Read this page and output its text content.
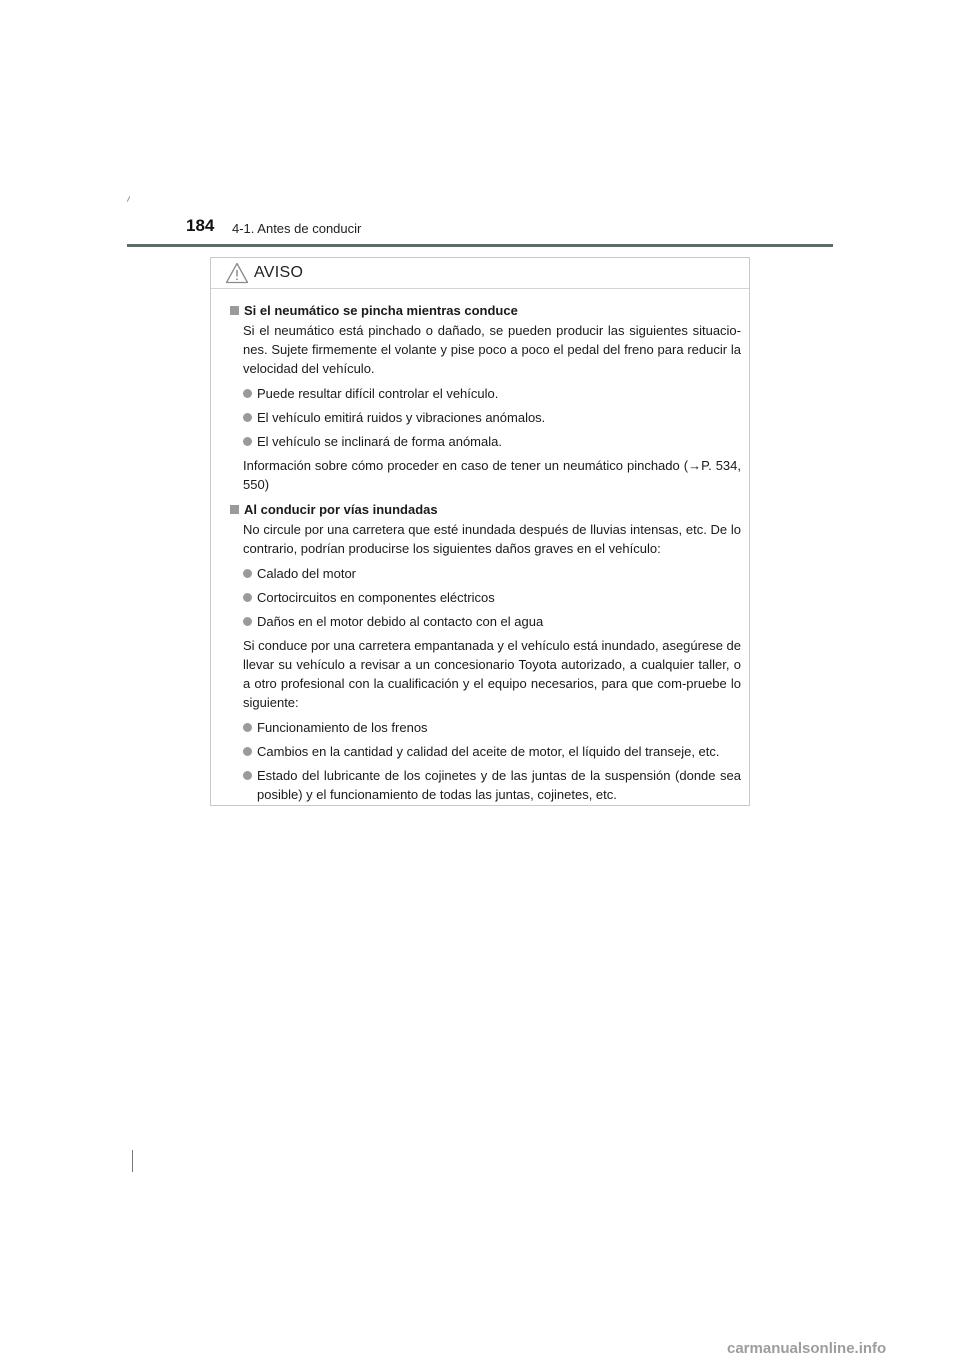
184 4-1. Antes de conducir
AVISO
Si el neumático se pincha mientras conduce
Si el neumático está pinchado o dañado, se pueden producir las siguientes situacio-nes. Sujete firmemente el volante y pise poco a poco el pedal del freno para reducir la velocidad del vehículo.
Puede resultar difícil controlar el vehículo.
El vehículo emitirá ruidos y vibraciones anómalos.
El vehículo se inclinará de forma anómala.
Información sobre cómo proceder en caso de tener un neumático pinchado (→P. 534, 550)
Al conducir por vías inundadas
No circule por una carretera que esté inundada después de lluvias intensas, etc. De lo contrario, podrían producirse los siguientes daños graves en el vehículo:
Calado del motor
Cortocircuitos en componentes eléctricos
Daños en el motor debido al contacto con el agua
Si conduce por una carretera empantanada y el vehículo está inundado, asegúrese de llevar su vehículo a revisar a un concesionario Toyota autorizado, a cualquier taller, o a otro profesional con la cualificación y el equipo necesarios, para que com-pruebe lo siguiente:
Funcionamiento de los frenos
Cambios en la cantidad y calidad del aceite de motor, el líquido del transeje, etc.
Estado del lubricante de los cojinetes y de las juntas de la suspensión (donde sea posible) y el funcionamiento de todas las juntas, cojinetes, etc.
carmanualsonline.info
